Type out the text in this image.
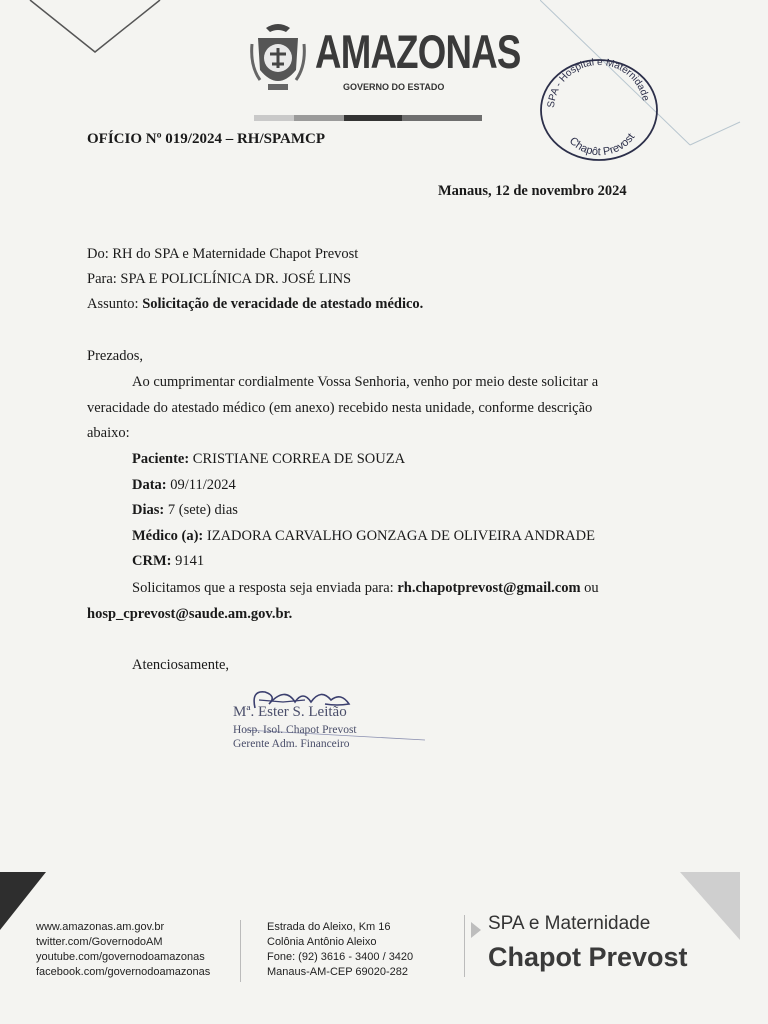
AMAZONAS
GOVERNO DO ESTADO
SPA - Hospital e Maternidade
Chapôt Prevost
OFÍCIO Nº 019/2024 – RH/SPAMCP
Manaus, 12 de novembro 2024
Do: RH do SPA e Maternidade Chapot Prevost
Para: SPA E POLICLÍNICA DR. JOSÉ LINS
Assunto: Solicitação de veracidade de atestado médico.
Prezados,
Ao cumprimentar cordialmente Vossa Senhoria, venho por meio deste solicitar a
veracidade do atestado médico (em anexo) recebido nesta unidade, conforme descrição
abaixo:
Paciente: CRISTIANE CORREA DE SOUZA
Data: 09/11/2024
Dias: 7 (sete) dias
Médico (a): IZADORA CARVALHO GONZAGA DE OLIVEIRA ANDRADE
CRM: 9141
Solicitamos que a resposta seja enviada para: rh.chapotprevost@gmail.com ou
hosp_cprevost@saude.am.gov.br.
Atenciosamente,
Mª. Ester S. Leitão
Hosp. Isol. Chapot Prevost
Gerente Adm. Financeiro
www.amazonas.am.gov.br
twitter.com/GovernodoAM
youtube.com/governodoamazonas
facebook.com/governodoamazonas
Estrada do Aleixo, Km 16
Colônia Antônio Aleixo
Fone: (92) 3616 - 3400 / 3420
Manaus-AM-CEP 69020-282
SPA e Maternidade
Chapot Prevost
